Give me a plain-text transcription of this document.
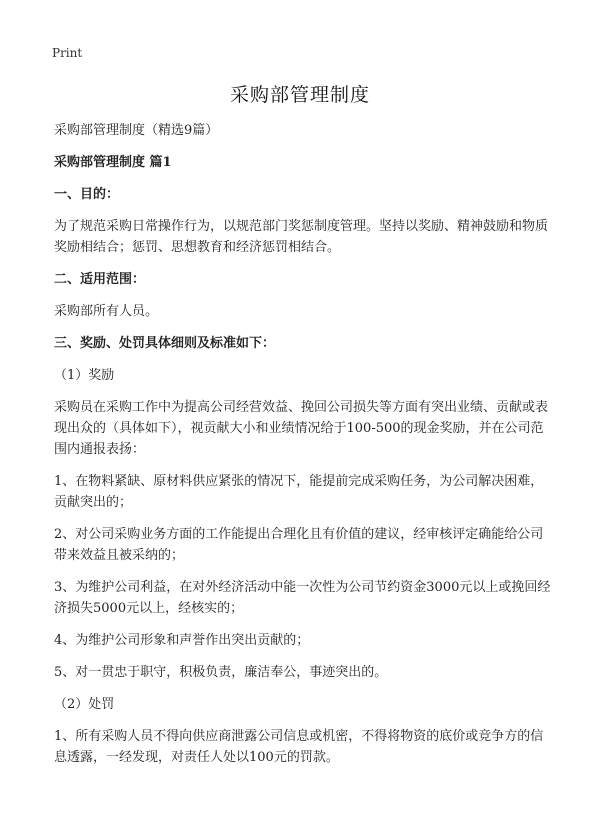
Print
采购部管理制度

采购部管理制度（精选9篇）

采购部管理制度 篇1

一、目的：

为了规范采购日常操作行为，以规范部门奖惩制度管理。坚持以奖励、精神鼓励和物质奖励相结合；惩罚、思想教育和经济惩罚相结合。

二、适用范围：

采购部所有人员。

三、奖励、处罚具体细则及标准如下：

（1）奖励

采购员在采购工作中为提高公司经营效益、挽回公司损失等方面有突出业绩、贡献或表现出众的（具体如下），视贡献大小和业绩情况给于100-500的现金奖励，并在公司范围内通报表扬：

1、在物料紧缺、原材料供应紧张的情况下，能提前完成采购任务，为公司解决困难，贡献突出的；

2、对公司采购业务方面的工作能提出合理化且有价值的建议，经审核评定确能给公司带来效益且被采纳的；

3、为维护公司利益，在对外经济活动中能一次性为公司节约资金3000元以上或挽回经济损失5000元以上，经核实的；

4、为维护公司形象和声誉作出突出贡献的；

5、对一贯忠于职守，积极负责，廉洁奉公，事迹突出的。

（2）处罚

1、所有采购人员不得向供应商泄露公司信息或机密，不得将物资的底价或竞争方的信息透露，一经发现，对责任人处以100元的罚款。
